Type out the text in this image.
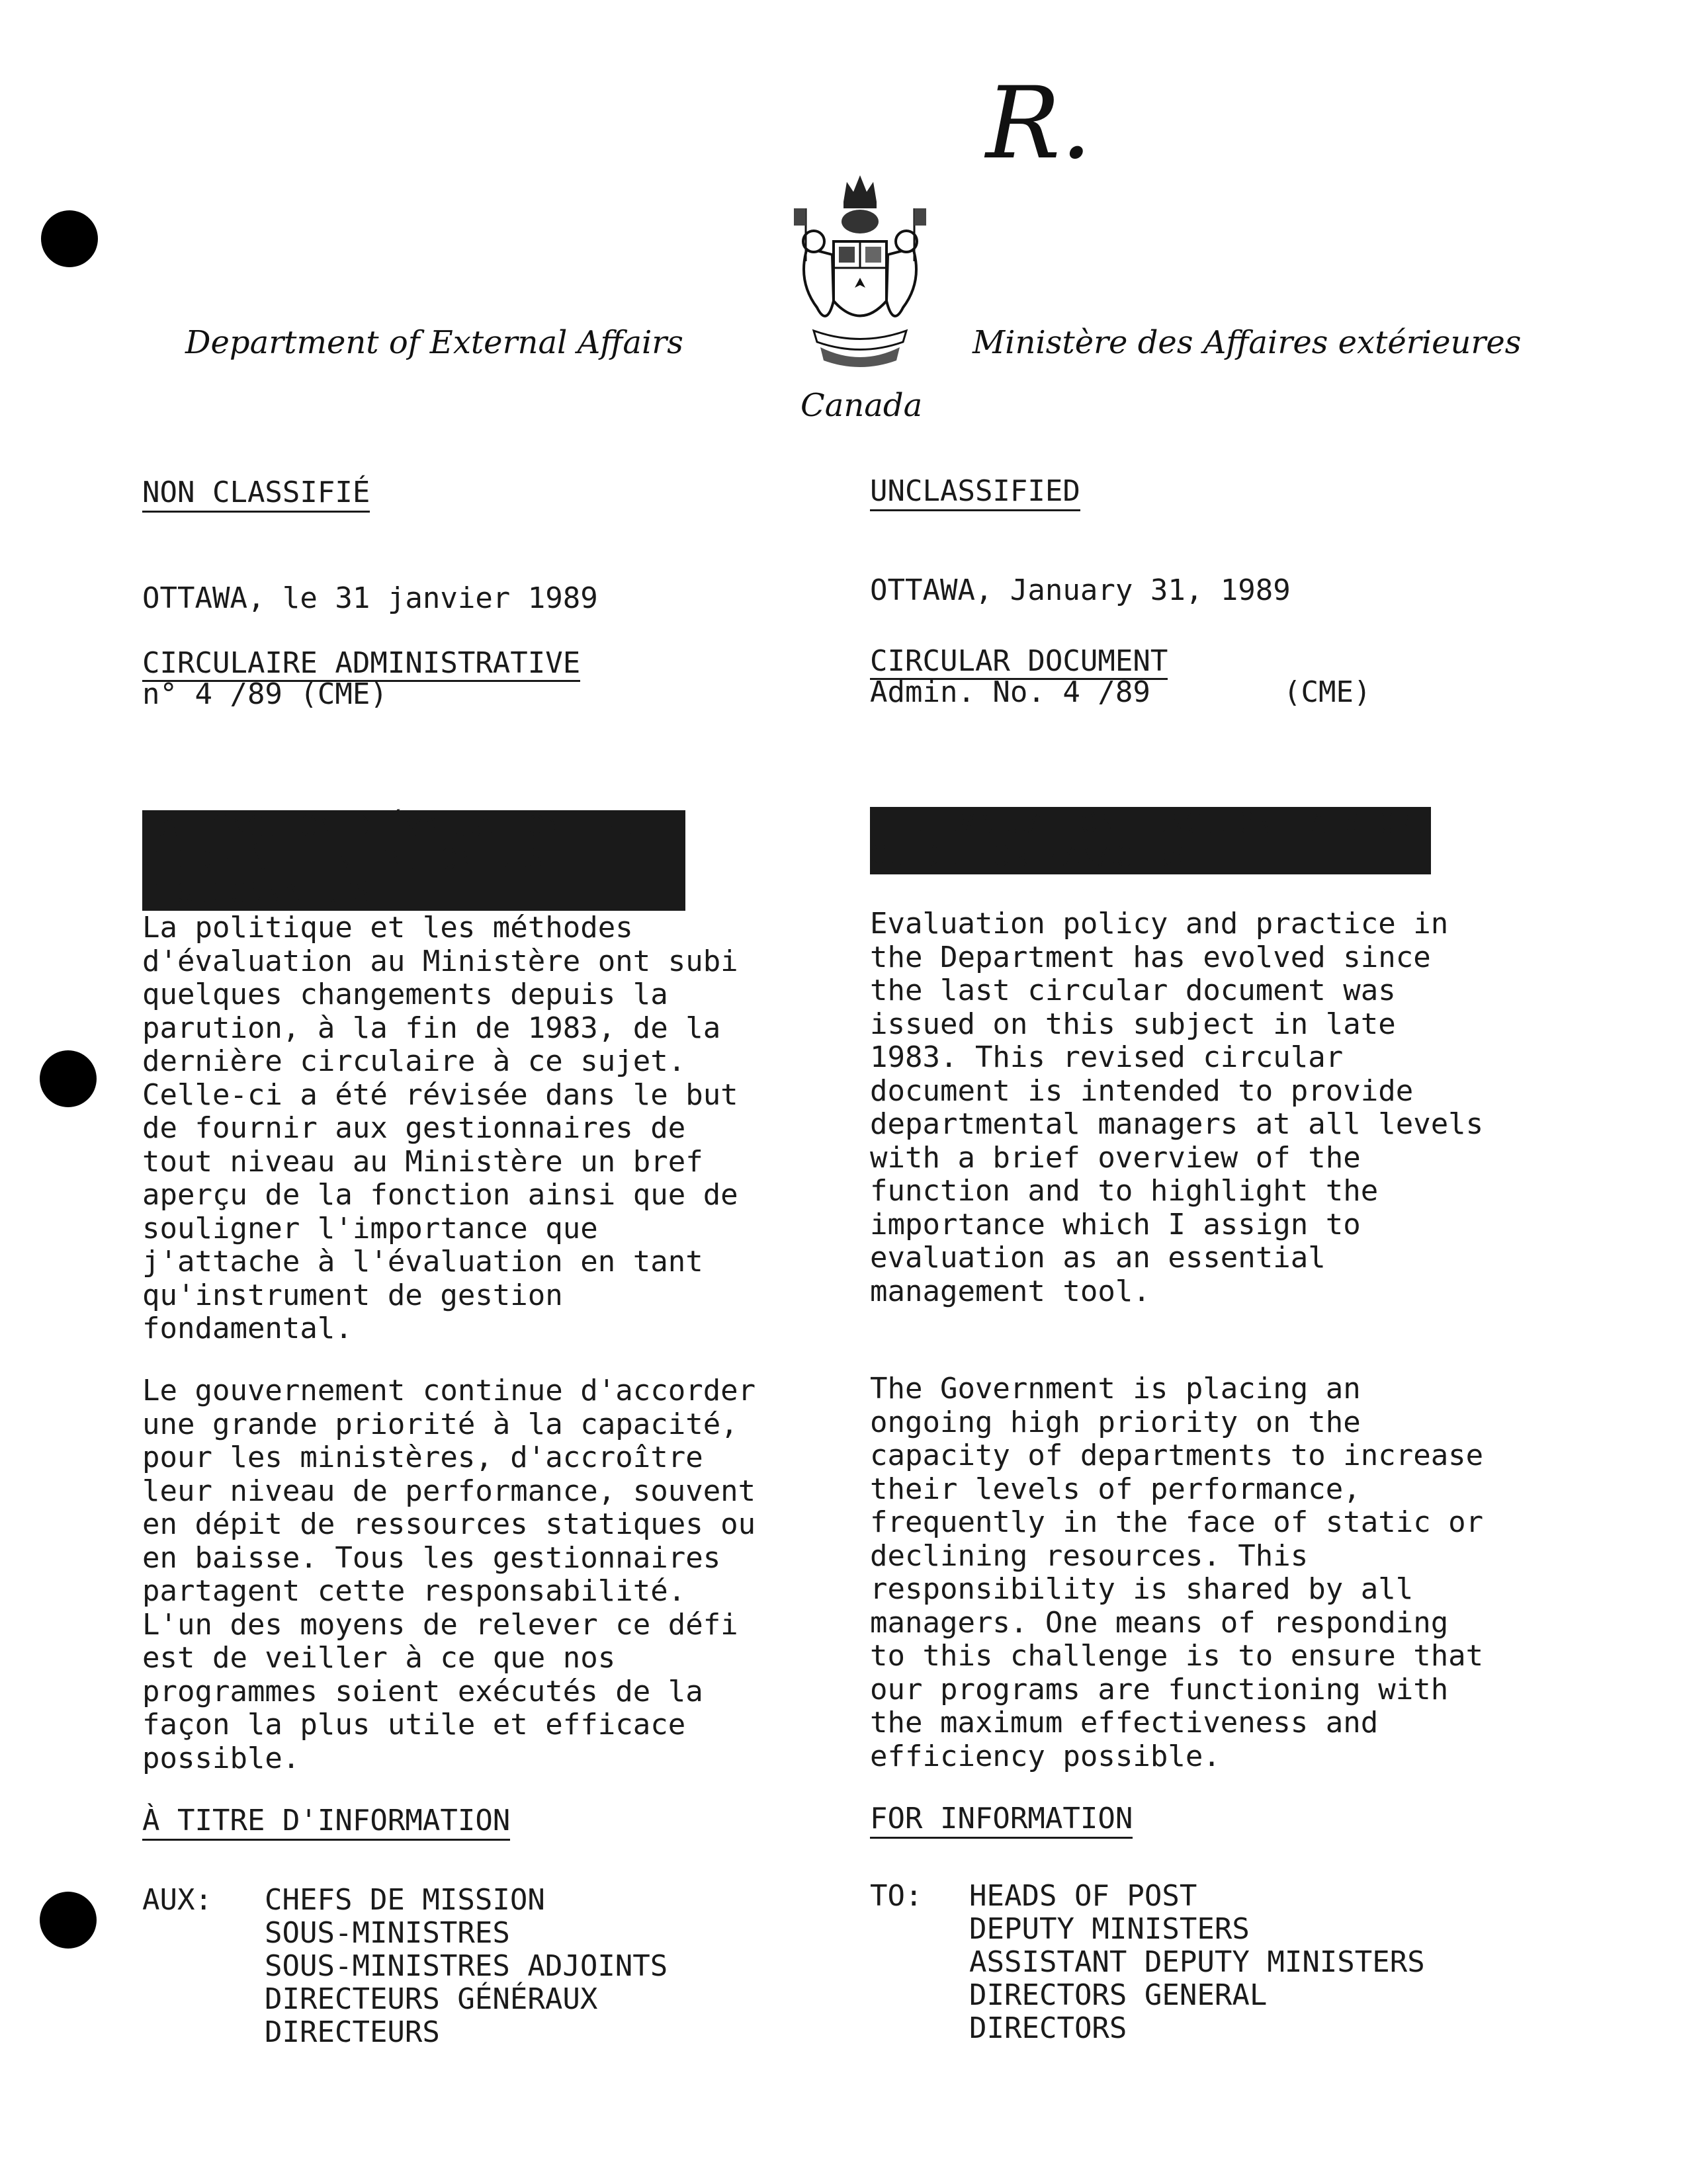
R.
Department of External Affairs	Ministère des Affaires extérieures
Canada
NON CLASSIFIÉ
OTTAWA, le 31 janvier 1989
CIRCULAIRE ADMINISTRATIVE
n° 4 /89 (CME)

LA FONCTION D'ÉVALUATION: PETIT
GUIDE À L'INTENTION DES
GESTIONNAIRES

La politique et les méthodes
d'évaluation au Ministère ont subi
quelques changements depuis la
parution, à la fin de 1983, de la
dernière circulaire à ce sujet.
Celle-ci a été révisée dans le but
de fournir aux gestionnaires de
tout niveau au Ministère un bref
aperçu de la fonction ainsi que de
souligner l'importance que
j'attache à l'évaluation en tant
qu'instrument de gestion
fondamental.
Le gouvernement continue d'accorder
une grande priorité à la capacité,
pour les ministères, d'accroître
leur niveau de performance, souvent
en dépit de ressources statiques ou
en baisse. Tous les gestionnaires
partagent cette responsabilité.
L'un des moyens de relever ce défi
est de veiller à ce que nos
programmes soient exécutés de la
façon la plus utile et efficace
possible.
À TITRE D'INFORMATION
AUX: CHEFS DE MISSION
SOUS-MINISTRES
SOUS-MINISTRES ADJOINTS
DIRECTEURS GÉNÉRAUX
DIRECTEURS
UNCLASSIFIED
OTTAWA, January 31, 1989
CIRCULAR DOCUMENT
Admin. No. 4 /89	(CME)

THE EVALUATION FUNCTION: A SHORT
GUIDE FOR MANAGERS

Evaluation policy and practice in
the Department has evolved since
the last circular document was
issued on this subject in late
1983. This revised circular
document is intended to provide
departmental managers at all levels
with a brief overview of the
function and to highlight the
importance which I assign to
evaluation as an essential
management tool.
The Government is placing an
ongoing high priority on the
capacity of departments to increase
their levels of performance,
frequently in the face of static or
declining resources. This
responsibility is shared by all
managers. One means of responding
to this challenge is to ensure that
our programs are functioning with
the maximum effectiveness and
efficiency possible.
FOR INFORMATION
TO: HEADS OF POST
DEPUTY MINISTERS
ASSISTANT DEPUTY MINISTERS
DIRECTORS GENERAL
DIRECTORS
